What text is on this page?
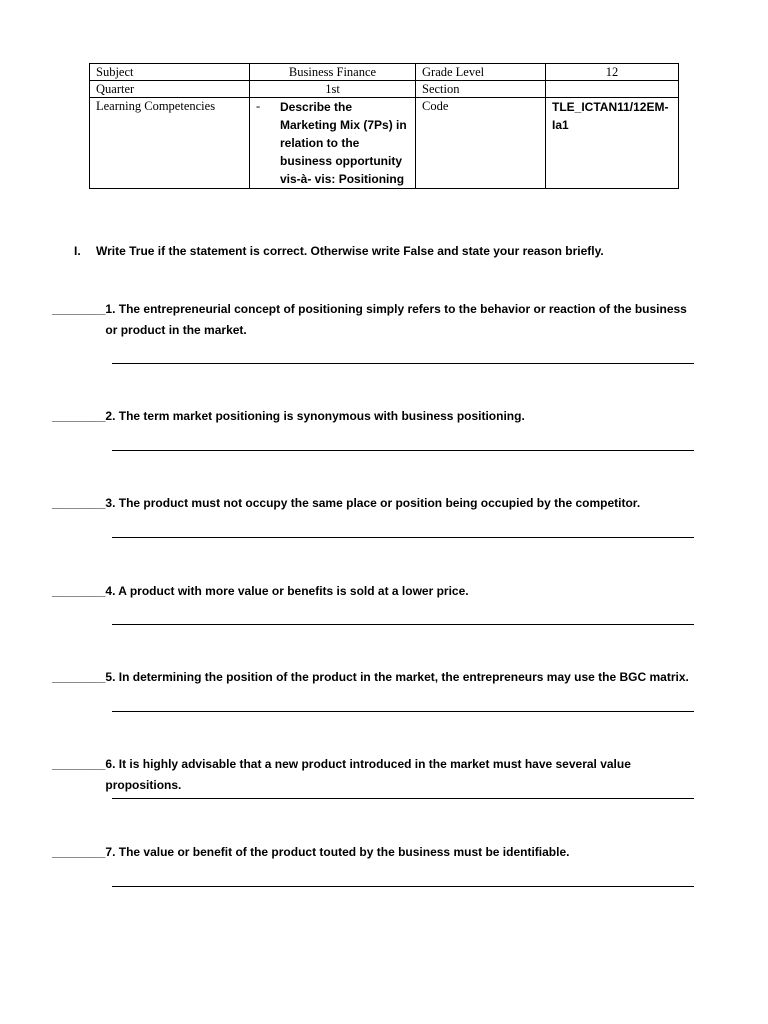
Subject	Business Finance	Grade Level	12
Quarter	1st	Section	
Learning Competencies	- Describe the Marketing Mix (7Ps) in relation to the business opportunity vis-à- vis: Positioning	Code	TLE_ICTAN11/12EM-Ia1
I. Write True if the statement is correct. Otherwise write False and state your reason briefly.
________ 1. The entrepreneurial concept of positioning simply refers to the behavior or reaction of the business or product in the market.
________ 2. The term market positioning is synonymous with business positioning.
________ 3. The product must not occupy the same place or position being occupied by the competitor.
________ 4. A product with more value or benefits is sold at a lower price.
________ 5. In determining the position of the product in the market, the entrepreneurs may use the BGC matrix.
________ 6. It is highly advisable that a new product introduced in the market must have several value propositions.
________ 7. The value or benefit of the product touted by the business must be identifiable.
